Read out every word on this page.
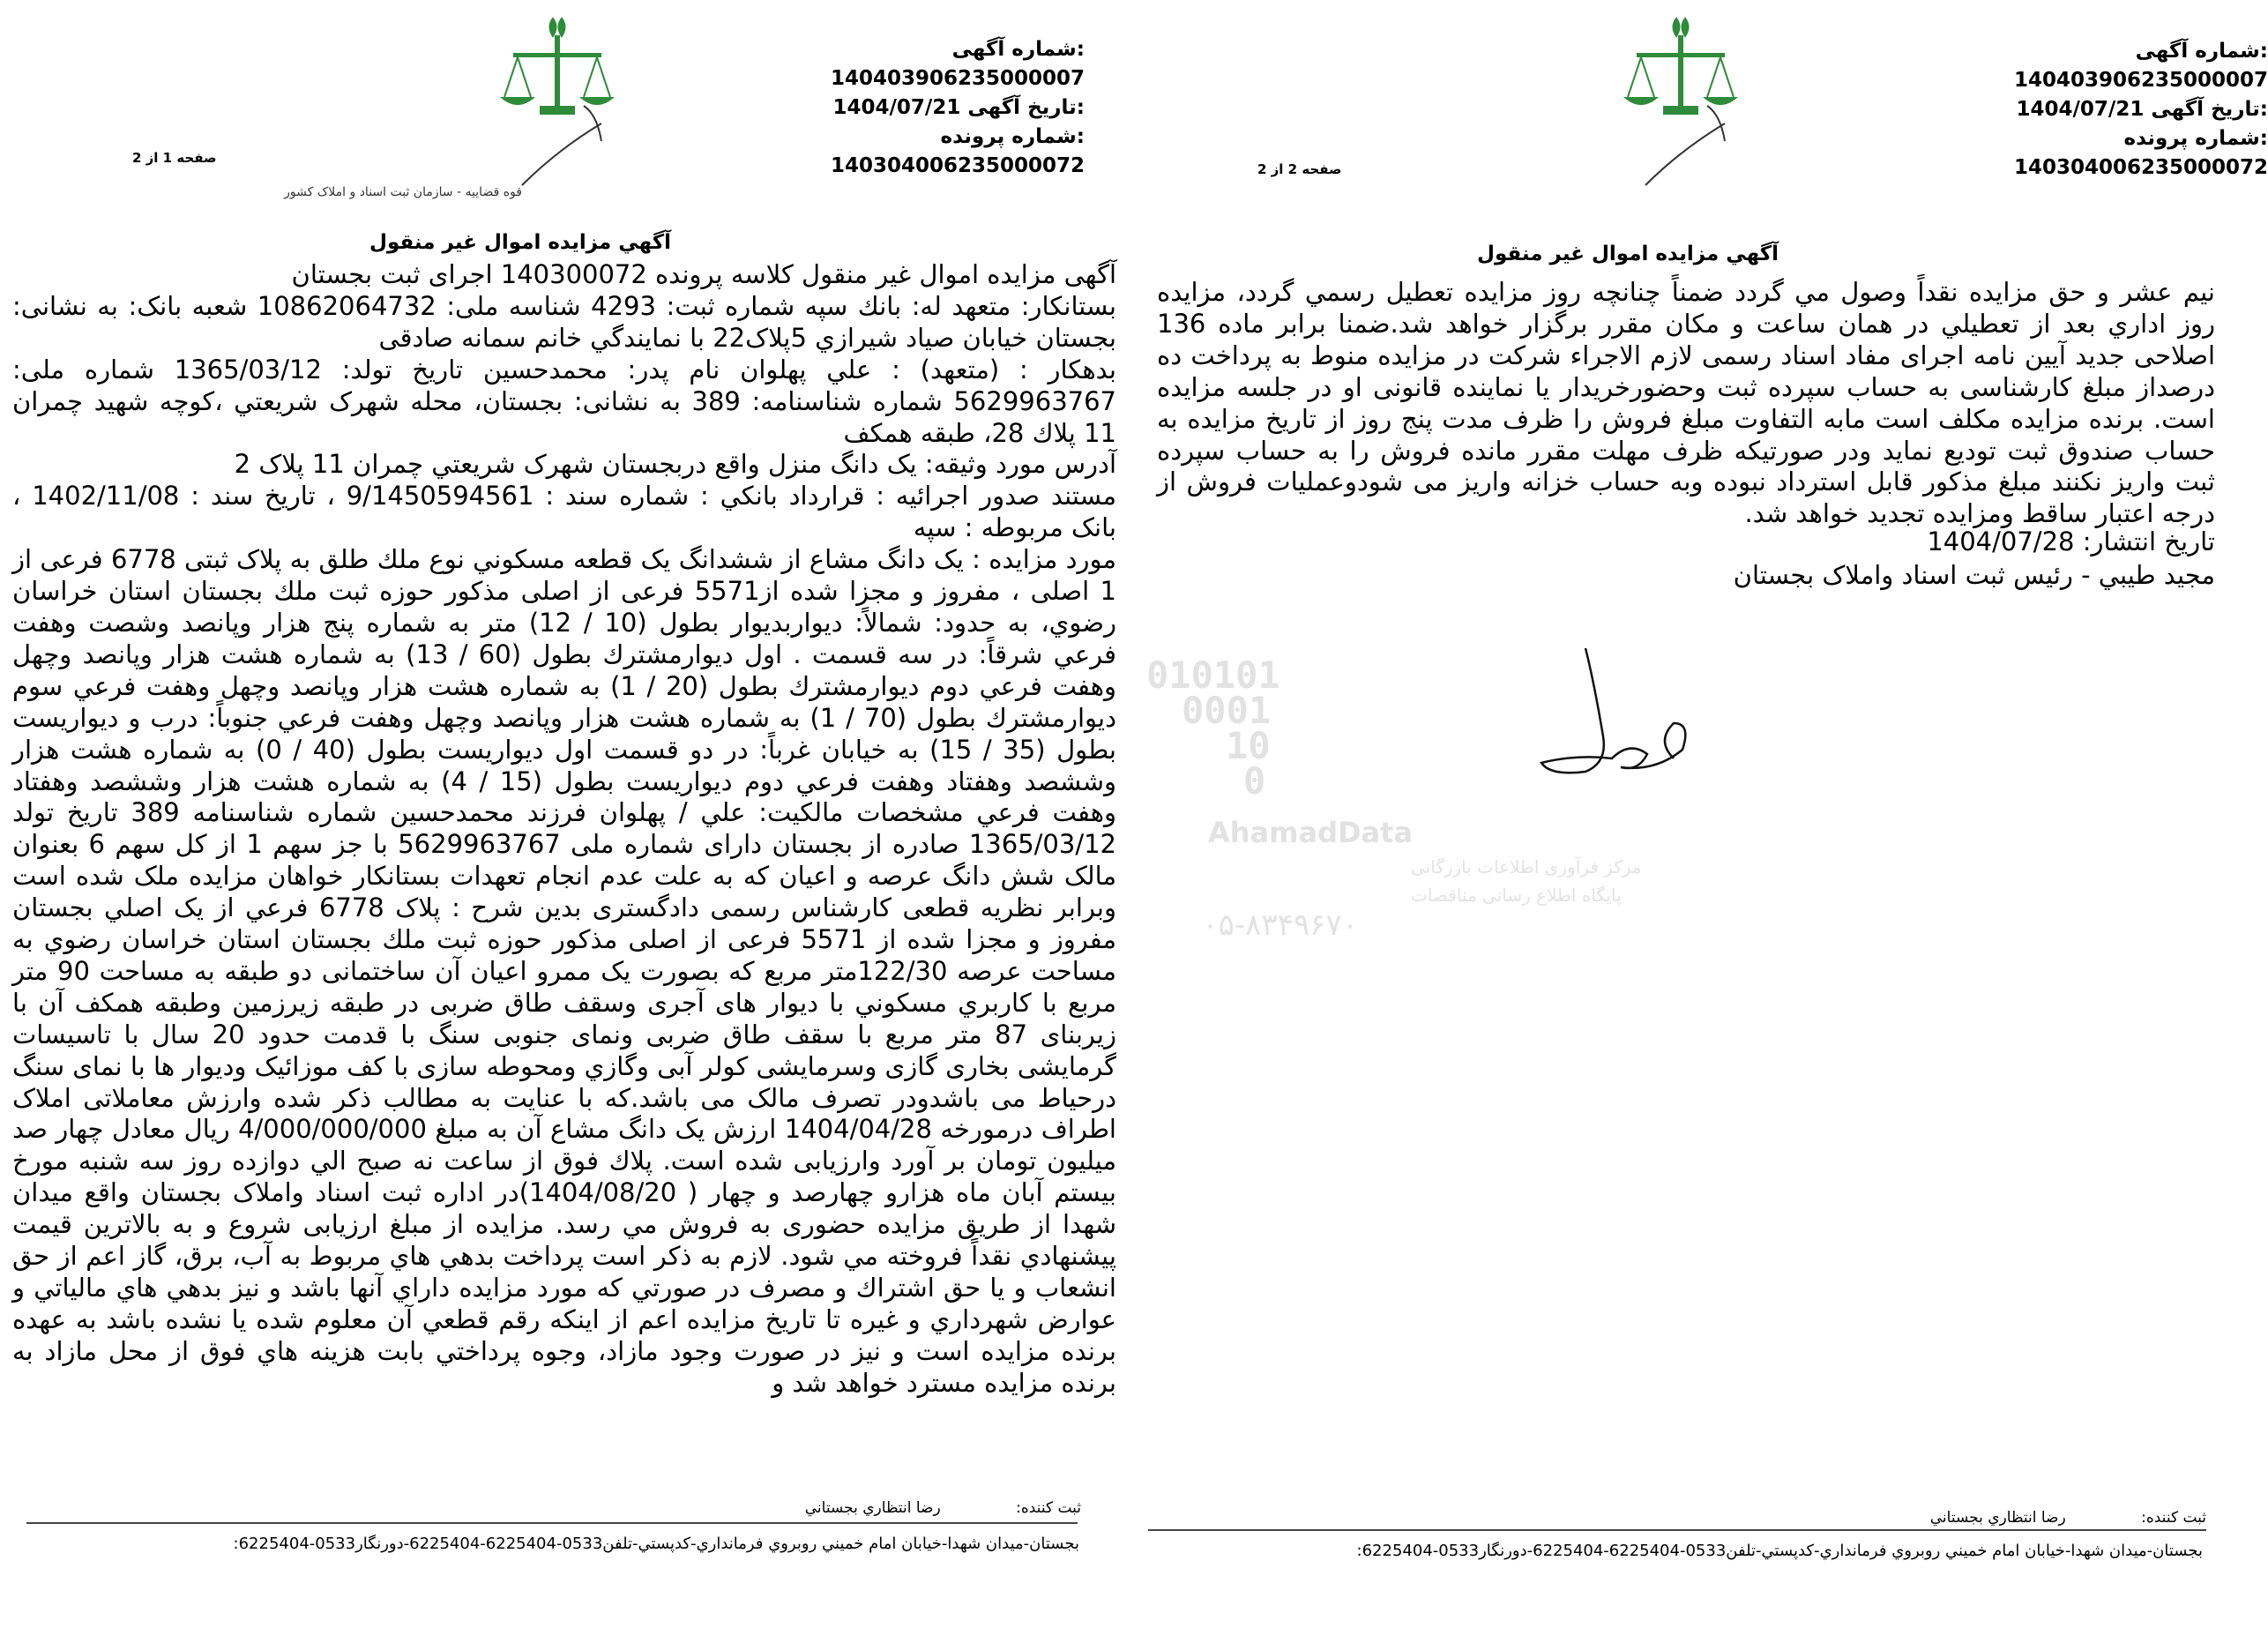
شماره آگهی: 140403906235000007
تاریخ آگهی: 1404/07/21
شماره پرونده: 140304006235000072
قوه قضاییه - سازمان ثبت اسناد و املاک کشور
صفحه 1 از 2
آگهي مزايده اموال غير منقول

آگهی مزایده اموال غیر منقول کلاسه پرونده 140300072 اجرای ثبت بجستان

بستانکار: متعهد له: بانك سپه شماره ثبت: 4293 شناسه ملی: 10862064732 شعبه بانک: به نشانی: بجستان خیابان صیاد شیرازي 5پلاک22 با نمايندگي خانم سمانه صادقی

بدهكار : (متعهد) : علي پهلوان نام پدر: محمدحسين تاريخ تولد: 1365/03/12 شماره ملی: 5629963767 شماره شناسنامه: 389 به نشانی: بجستان، محله شهرک شريعتي ،کوچه شهيد چمران 11 پلاك 28، طبقه همكف

آدرس مورد وثيقه: یک دانگ منزل واقع دربجستان شهرک شريعتي چمران 11 پلاک 2

مستند صدور اجرائیه : قرارداد بانکي : شماره سند : 9/1450594561 ، تاریخ سند : 1402/11/08 ، بانک مربوطه : سپه

مورد مزايده : یک دانگ مشاع از ششدانگ یک قطعه مسكوني نوع ملك طلق به پلاک ثبتی 6778 فرعی از 1 اصلی ، مفروز و مجزا شده از5571 فرعی از اصلی مذکور حوزه ثبت ملك بجستان استان خراسان رضوي، به حدود: شمالاً: ديواربديوار بطول (10 / 12) متر به شماره پنج هزار وپانصد وشصت وهفت فرعي شرقاً: در سه قسمت . اول ديوارمشترك بطول (60 / 13) به شماره هشت هزار وپانصد وچهل وهفت فرعي دوم ديوارمشترك بطول (20 / 1) به شماره هشت هزار وپانصد وچهل وهفت فرعي سوم ديوارمشترك بطول (70 / 1) به شماره هشت هزار وپانصد وچهل وهفت فرعي جنوباً: درب و ديواريست بطول (35 / 15) به خيابان غرباً: در دو قسمت اول ديواريست بطول (40 / 0) به شماره هشت هزار وششصد وهفتاد وهفت فرعي دوم ديواريست بطول (15 / 4) به شماره هشت هزار وششصد وهفتاد وهفت فرعي مشخصات مالكيت: علي / پهلوان فرزند محمدحسين شماره شناسنامه 389 تاريخ تولد 1365/03/12 صادره از بجستان دارای شماره ملی 5629963767 با جز سهم 1 از کل سهم 6 بعنوان مالک شش دانگ عرصه و اعيان که به علت عدم انجام تعهدات بستانکار خواهان مزایده ملک شده است وبرابر نظریه قطعی کارشناس رسمی دادگستری بدین شرح : پلاک 6778 فرعي از يک اصلي بجستان مفروز و مجزا شده از 5571 فرعی از اصلی مذکور حوزه ثبت ملك بجستان استان خراسان رضوي به مساحت عرصه 122/30متر مربع که بصورت يک ممرو اعيان آن ساختمانی دو طبقه به مساحت 90 متر مربع با كاربري مسكوني با ديوار های آجری وسقف طاق ضربی در طبقه زيرزمين وطبقه همکف آن با زيربنای 87 متر مربع با سقف طاق ضربی ونمای جنوبی سنگ با قدمت حدود 20 سال با تاسيسات گرمايشی بخاری گازی وسرمايشی کولر آبی وگازي ومحوطه سازی با کف موزائيک وديوار ها با نمای سنگ درحياط می باشدودر تصرف مالک می باشد.که با عنايت به مطالب ذکر شده وارزش معاملاتی املاک اطراف درمورخه 1404/04/28 ارزش يک دانگ مشاع آن به مبلغ 4/000/000/000 ريال معادل چهار صد ميليون تومان بر آورد وارزيابی شده است. پلاك فوق از ساعت نه صبح الي دوازده روز سه شنبه مورخ بيستم آبان ماه هزارو چهارصد و چهار ( 1404/08/20)در اداره ثبت اسناد واملاک بجستان واقع ميدان شهدا از طريق مزايده حضوری به فروش مي رسد. مزايده از مبلغ ارزيابی شروع و به بالاترين قيمت پيشنهادي نقداً فروخته مي شود. لازم به ذكر است پرداخت بدهي هاي مربوط به آب، برق، گاز اعم از حق انشعاب و يا حق اشتراك و مصرف در صورتي كه مورد مزايده داراي آنها باشد و نيز بدهي هاي مالياتي و عوارض شهرداري و غيره تا تاريخ مزايده اعم از اينكه رقم قطعي آن معلوم شده يا نشده باشد به عهده برنده مزايده است و نيز در صورت وجود مازاد، وجوه پرداختي بابت هزينه هاي فوق از محل مازاد به برنده مزايده مسترد خواهد شد و

ثبت کننده: رضا انتظاري بجستاني
بجستان-ميدان شهدا-خيابان امام خميني روبروي فرمانداري-کدپستي-تلفن0533-6225404-6225404-دورنگار0533-6225404:
شماره آگهی: 140403906235000007
تاریخ آگهی: 1404/07/21
شماره پرونده: 140304006235000072
صفحه 2 از 2
آگهي مزايده اموال غير منقول

نيم عشر و حق مزايده نقداً وصول مي گردد ضمناً چنانچه روز مزايده تعطيل رسمي گردد، مزايده روز اداري بعد از تعطيلي در همان ساعت و مكان مقرر برگزار خواهد شد.ضمنا برابر ماده 136 اصلاحی جدید آیین نامه اجرای مفاد اسناد رسمی لازم الاجراء شركت در مزايده منوط به پرداخت ده درصداز مبلغ كارشناسی به حساب سپرده ثبت وحضورخريدار يا نماينده قانونی او در جلسه مزايده است. برنده مزايده مكلف است مابه التفاوت مبلغ فروش را ظرف مدت پنج روز از تاريخ مزايده به حساب صندوق ثبت توديع نمايد ودر صورتيكه ظرف مهلت مقرر مانده فروش را به حساب سپرده ثبت واريز نكنند مبلغ مذكور قابل استرداد نبوده وبه حساب خزانه واريز می شودوعمليات فروش از درجه اعتبار ساقط ومزايده تجديد خواهد شد.

تاريخ انتشار: 1404/07/28
مجيد طيبي - رئيس ثبت اسناد واملاک بجستان
ثبت کننده: رضا انتظاري بجستاني
بجستان-ميدان شهدا-خيابان امام خميني روبروي فرمانداري-کدپستي-تلفن0533-6225404-6225404-دورنگار0533-6225404:
010101
0001
10
0
AhamadData
مرکز فرآوری اطلاعات بازرگانی
پایگاه اطلاع رسانی مناقصات
۰۵-۸۳۴۹۶۷۰
